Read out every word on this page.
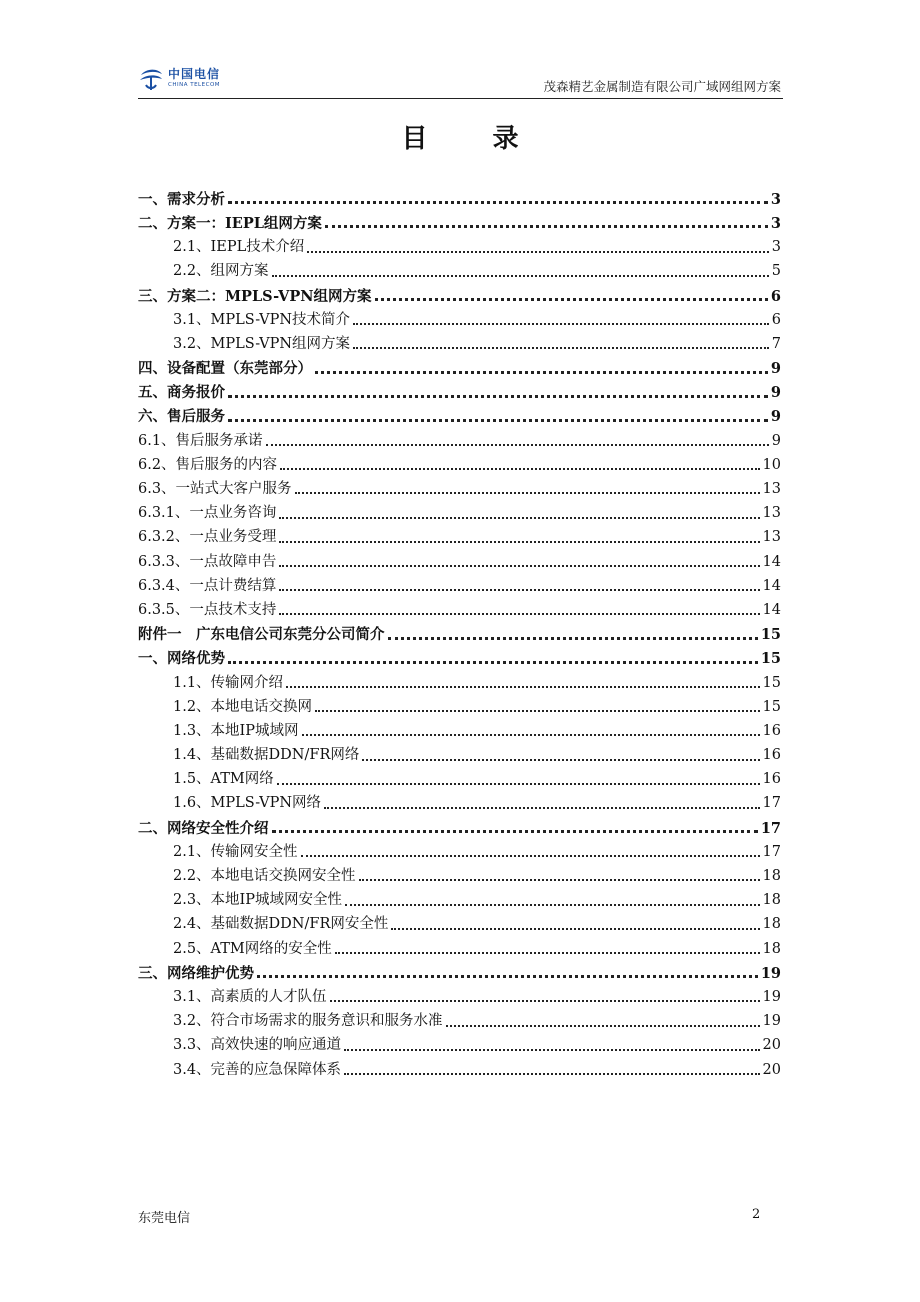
中国电信
CHINA TELECOM	茂森精艺金属制造有限公司广域网组网方案
目 录
一、需求分析	3
二、方案一：IEPL组网方案	3
2.1、IEPL技术介绍	3
2.2、组网方案	5
三、方案二：MPLS-VPN组网方案	6
3.1、MPLS-VPN技术简介	6
3.2、MPLS-VPN组网方案	7
四、设备配置（东莞部分）	9
五、商务报价	9
六、售后服务	9
6.1、售后服务承诺	9
6.2、售后服务的内容	10
6.3、一站式大客户服务	13
6.3.1、一点业务咨询	13
6.3.2、一点业务受理	13
6.3.3、一点故障申告	14
6.3.4、一点计费结算	14
6.3.5、一点技术支持	14
附件一　广东电信公司东莞分公司简介	15
一、网络优势	15
1.1、传输网介绍	15
1.2、本地电话交换网	15
1.3、本地IP城域网	16
1.4、基础数据DDN/FR网络	16
1.5、ATM网络	16
1.6、MPLS-VPN网络	17
二、网络安全性介绍	17
2.1、传输网安全性	17
2.2、本地电话交换网安全性	18
2.3、本地IP城域网安全性	18
2.4、基础数据DDN/FR网安全性	18
2.5、ATM网络的安全性	18
三、网络维护优势	19
3.1、高素质的人才队伍	19
3.2、符合市场需求的服务意识和服务水准	19
3.3、高效快速的响应通道	20
3.4、完善的应急保障体系	20
东莞电信	2
